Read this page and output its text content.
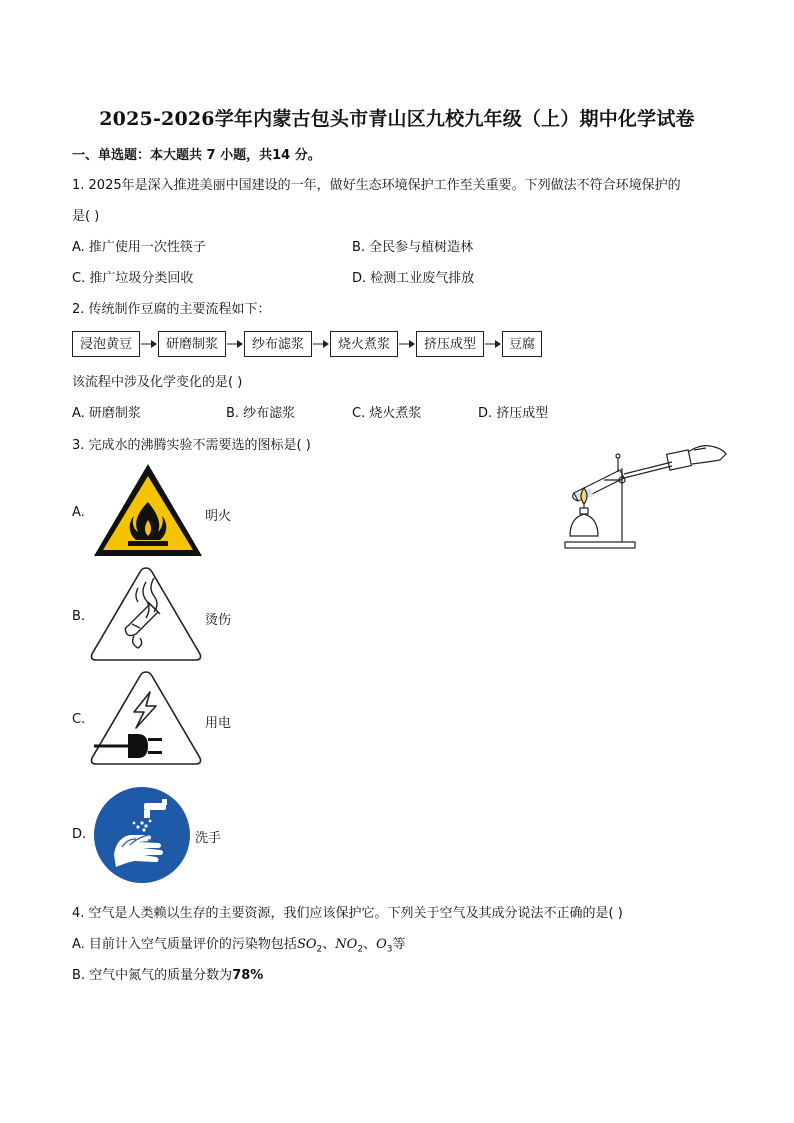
2025-2026学年内蒙古包头市青山区九校九年级（上）期中化学试卷
一、单选题：本大题共 7 小题，共14 分。
1. 2025年是深入推进美丽中国建设的一年，做好生态环境保护工作至关重要。下列做法不符合环境保护的
是( )
A. 推广使用一次性筷子	B. 全民参与植树造林
C. 推广垃圾分类回收	D. 检测工业废气排放
2. 传统制作豆腐的主要流程如下：
浸泡黄豆	研磨制浆	纱布滤浆	烧火煮浆	挤压成型	豆腐
该流程中涉及化学变化的是( )
A. 研磨制浆	B. 纱布滤浆	C. 烧火煮浆	D. 挤压成型
3. 完成水的沸腾实验不需要选的图标是( )
A.	明火
B.	烫伤
C.	用电
D.	洗手
4. 空气是人类赖以生存的主要资源，我们应该保护它。下列关于空气及其成分说法不正确的是( )
A. 目前计入空气质量评价的污染物包括$SO_2$、$NO_2$、$O_3$等
B. 空气中氮气的质量分数为78%
